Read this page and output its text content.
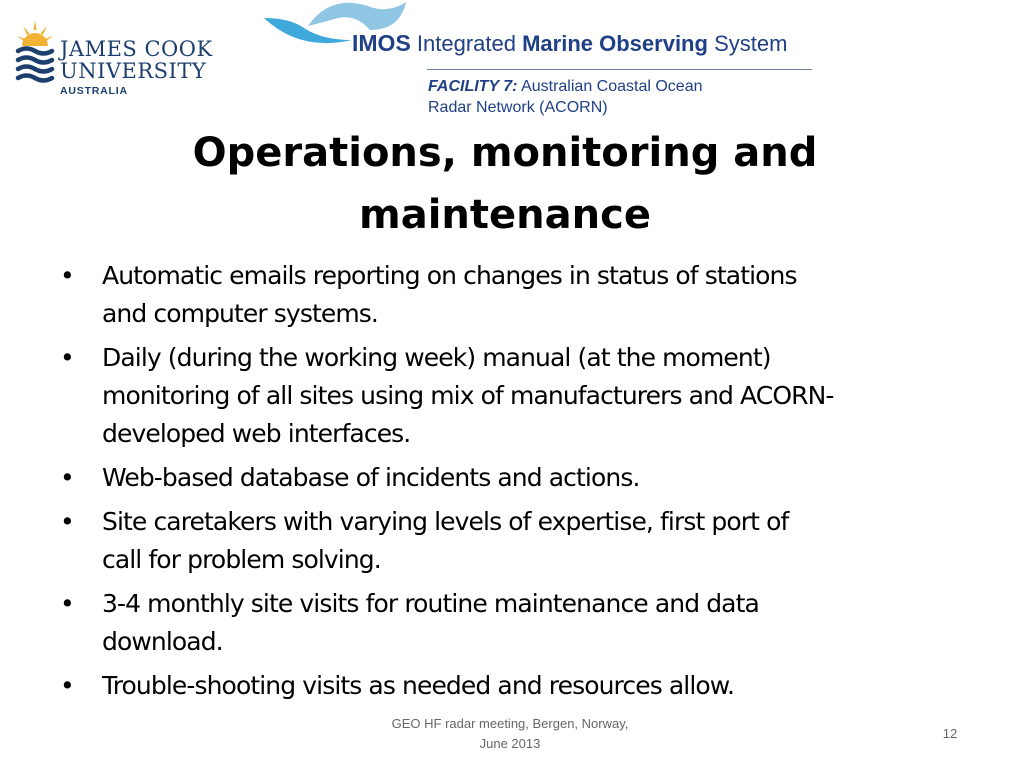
JAMES COOK
UNIVERSITY
AUSTRALIA
IMOS Integrated Marine Observing System
FACILITY 7: Australian Coastal Ocean
Radar Network (ACORN)
Operations, monitoring and
maintenance
• Automatic emails reporting on changes in status of stations
and computer systems.
• Daily (during the working week) manual (at the moment)
monitoring of all sites using mix of manufacturers and ACORN-
developed web interfaces.
• Web-based database of incidents and actions.
• Site caretakers with varying levels of expertise, first port of
call for problem solving.
• 3-4 monthly site visits for routine maintenance and data
download.
• Trouble-shooting visits as needed and resources allow.
GEO HF radar meeting, Bergen, Norway,
June 2013
12
